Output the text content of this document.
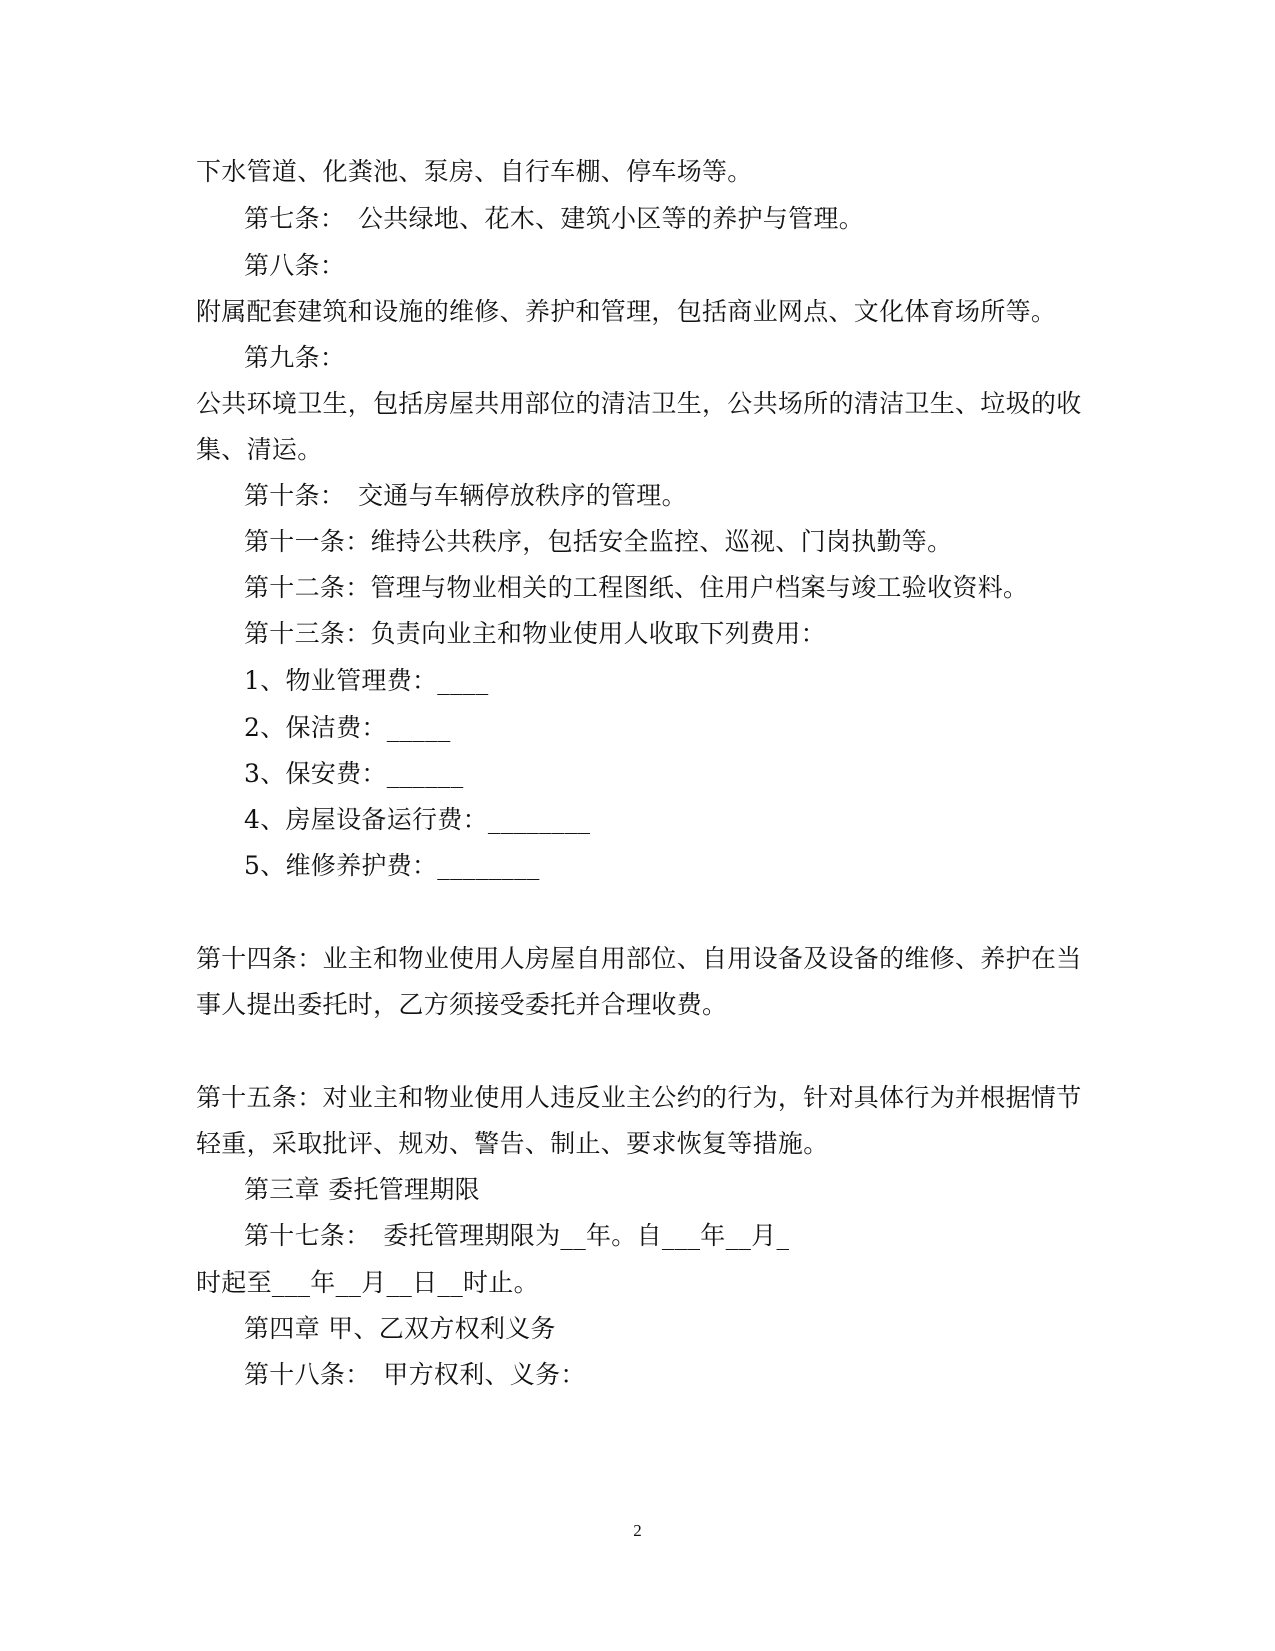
下水管道、化粪池、泵房、自行车棚、停车场等。
第七条：　公共绿地、花木、建筑小区等的养护与管理。
第八条：
附属配套建筑和设施的维修、养护和管理，包括商业网点、文化体育场所等。
第九条：
公共环境卫生，包括房屋共用部位的清洁卫生，公共场所的清洁卫生、垃圾的收
集、清运。
第十条：　交通与车辆停放秩序的管理。
第十一条：维持公共秩序，包括安全监控、巡视、门岗执勤等。
第十二条：管理与物业相关的工程图纸、住用户档案与竣工验收资料。
第十三条：负责向业主和物业使用人收取下列费用：
1、物业管理费：____
2、保洁费：_____
3、保安费：______
4、房屋设备运行费：________
5、维修养护费：________
第十四条：业主和物业使用人房屋自用部位、自用设备及设备的维修、养护在当
事人提出委托时，乙方须接受委托并合理收费。
第十五条：对业主和物业使用人违反业主公约的行为，针对具体行为并根据情节
轻重，采取批评、规劝、警告、制止、要求恢复等措施。
第三章 委托管理期限
第十七条：　委托管理期限为__年。自___年__月_
时起至___年__月__日__时止。
第四章 甲、乙双方权利义务
第十八条：　甲方权利、义务：
2
